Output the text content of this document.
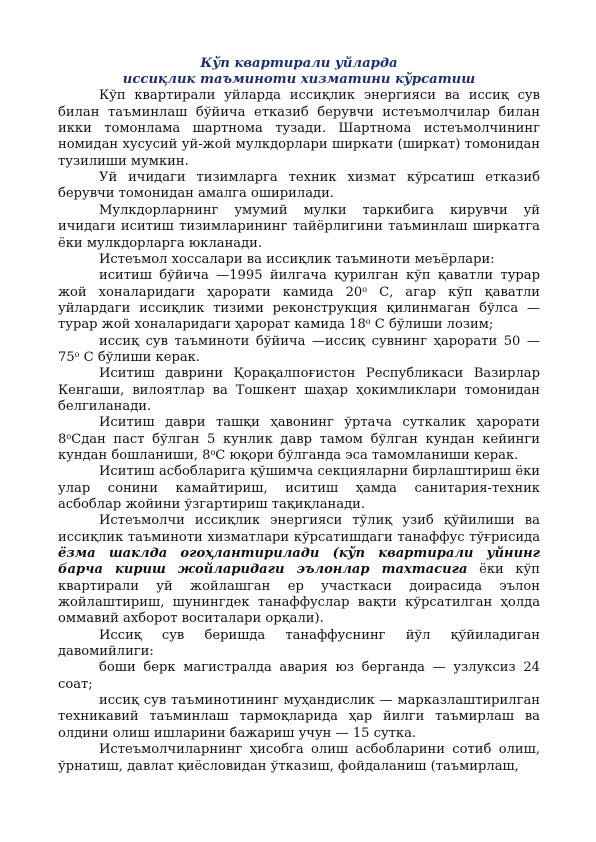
Кўп квартирали уйларда
иссиқлик таъминоти хизматини кўрсатиш

Кўп квартирали уйларда иссиқлик энергияси ва иссиқ сув билан таъминлаш бўйича етказиб берувчи истеъмолчилар билан икки томонлама шартнома тузади. Шартнома истеъмолчининг номидан хусусий уй-жой мулкдорлари ширкати (ширкат) томонидан тузилиши мумкин.

Уй ичидаги тизимларга техник хизмат кўрсатиш етказиб берувчи томонидан амалга оширилади.

Мулкдорларнинг умумий мулки таркибига кирувчи уй ичидаги иситиш тизимларининг тайёрлигини таъминлаш ширкатга ёки мулкдорларга юкланади.

Истеъмол хоссалари ва иссиқлик таъминоти меъёрлари:

иситиш бўйича —1995 йилгача қурилган кўп қаватли турар жой хоналаридаги ҳарорати камида $20^о$ С, агар кўп қаватли уйлардаги иссиқлик тизими реконструкция қилинмаган бўлса — турар жой хоналаридаги ҳарорат камида $18^о$ С бўлиши лозим;

иссиқ сув таъминоти бўйича —иссиқ сувнинг ҳарорати 50 — $75^о$ С бўлиши керак.

Иситиш даврини Қорақалпоғистон Республикаси Вазирлар Кенгаши, вилоятлар ва Тошкент шаҳар ҳокимликлари томонидан белгиланади.

Иситиш даври ташқи ҳавонинг ўртача суткалик ҳарорати $8^оСдан$ паст бўлган 5 кунлик давр тамом бўлган кундан кейинги кундан бошланиши, $8^оС$ юқори бўлганда эса тамомланиши керак.

Иситиш асбобларига қўшимча секцияларни бирлаштириш ёки улар сонини камайтириш, иситиш ҳамда санитария-техник асбоблар жойини ўзгартириш тақиқланади.

Истеъмолчи иссиқлик энергияси тўлиқ узиб қўйилиши ва иссиқлик таъминоти хизматлари кўрсатишдаги танаффус тўғрисида ёзма шаклда огоҳлантирилади (кўп квартирали уйнинг барча кириш жойларидаги эълонлар тахтасига ёки кўп квартирали уй жойлашган ер участкаси доирасида эълон жойлаштириш, шунингдек танаффуслар вақти кўрсатилган ҳолда оммавий ахборот воситалари орқали).

Иссиқ сув беришда танаффуснинг йўл қўйиладиган давомийлиги:

боши берк магистралда авария юз берганда — узлуксиз 24 соат;

иссиқ сув таъминотининг муҳандислик — марказлаштирилган техникавий таъминлаш тармоқларида ҳар йилги таъмирлаш ва олдини олиш ишларини бажариш учун — 15 сутка.

Истеъмолчиларнинг ҳисобга олиш асбобларини сотиб олиш, ўрнатиш, давлат қиёсловидан ўтказиш, фойдаланиш (таъмирлаш,
